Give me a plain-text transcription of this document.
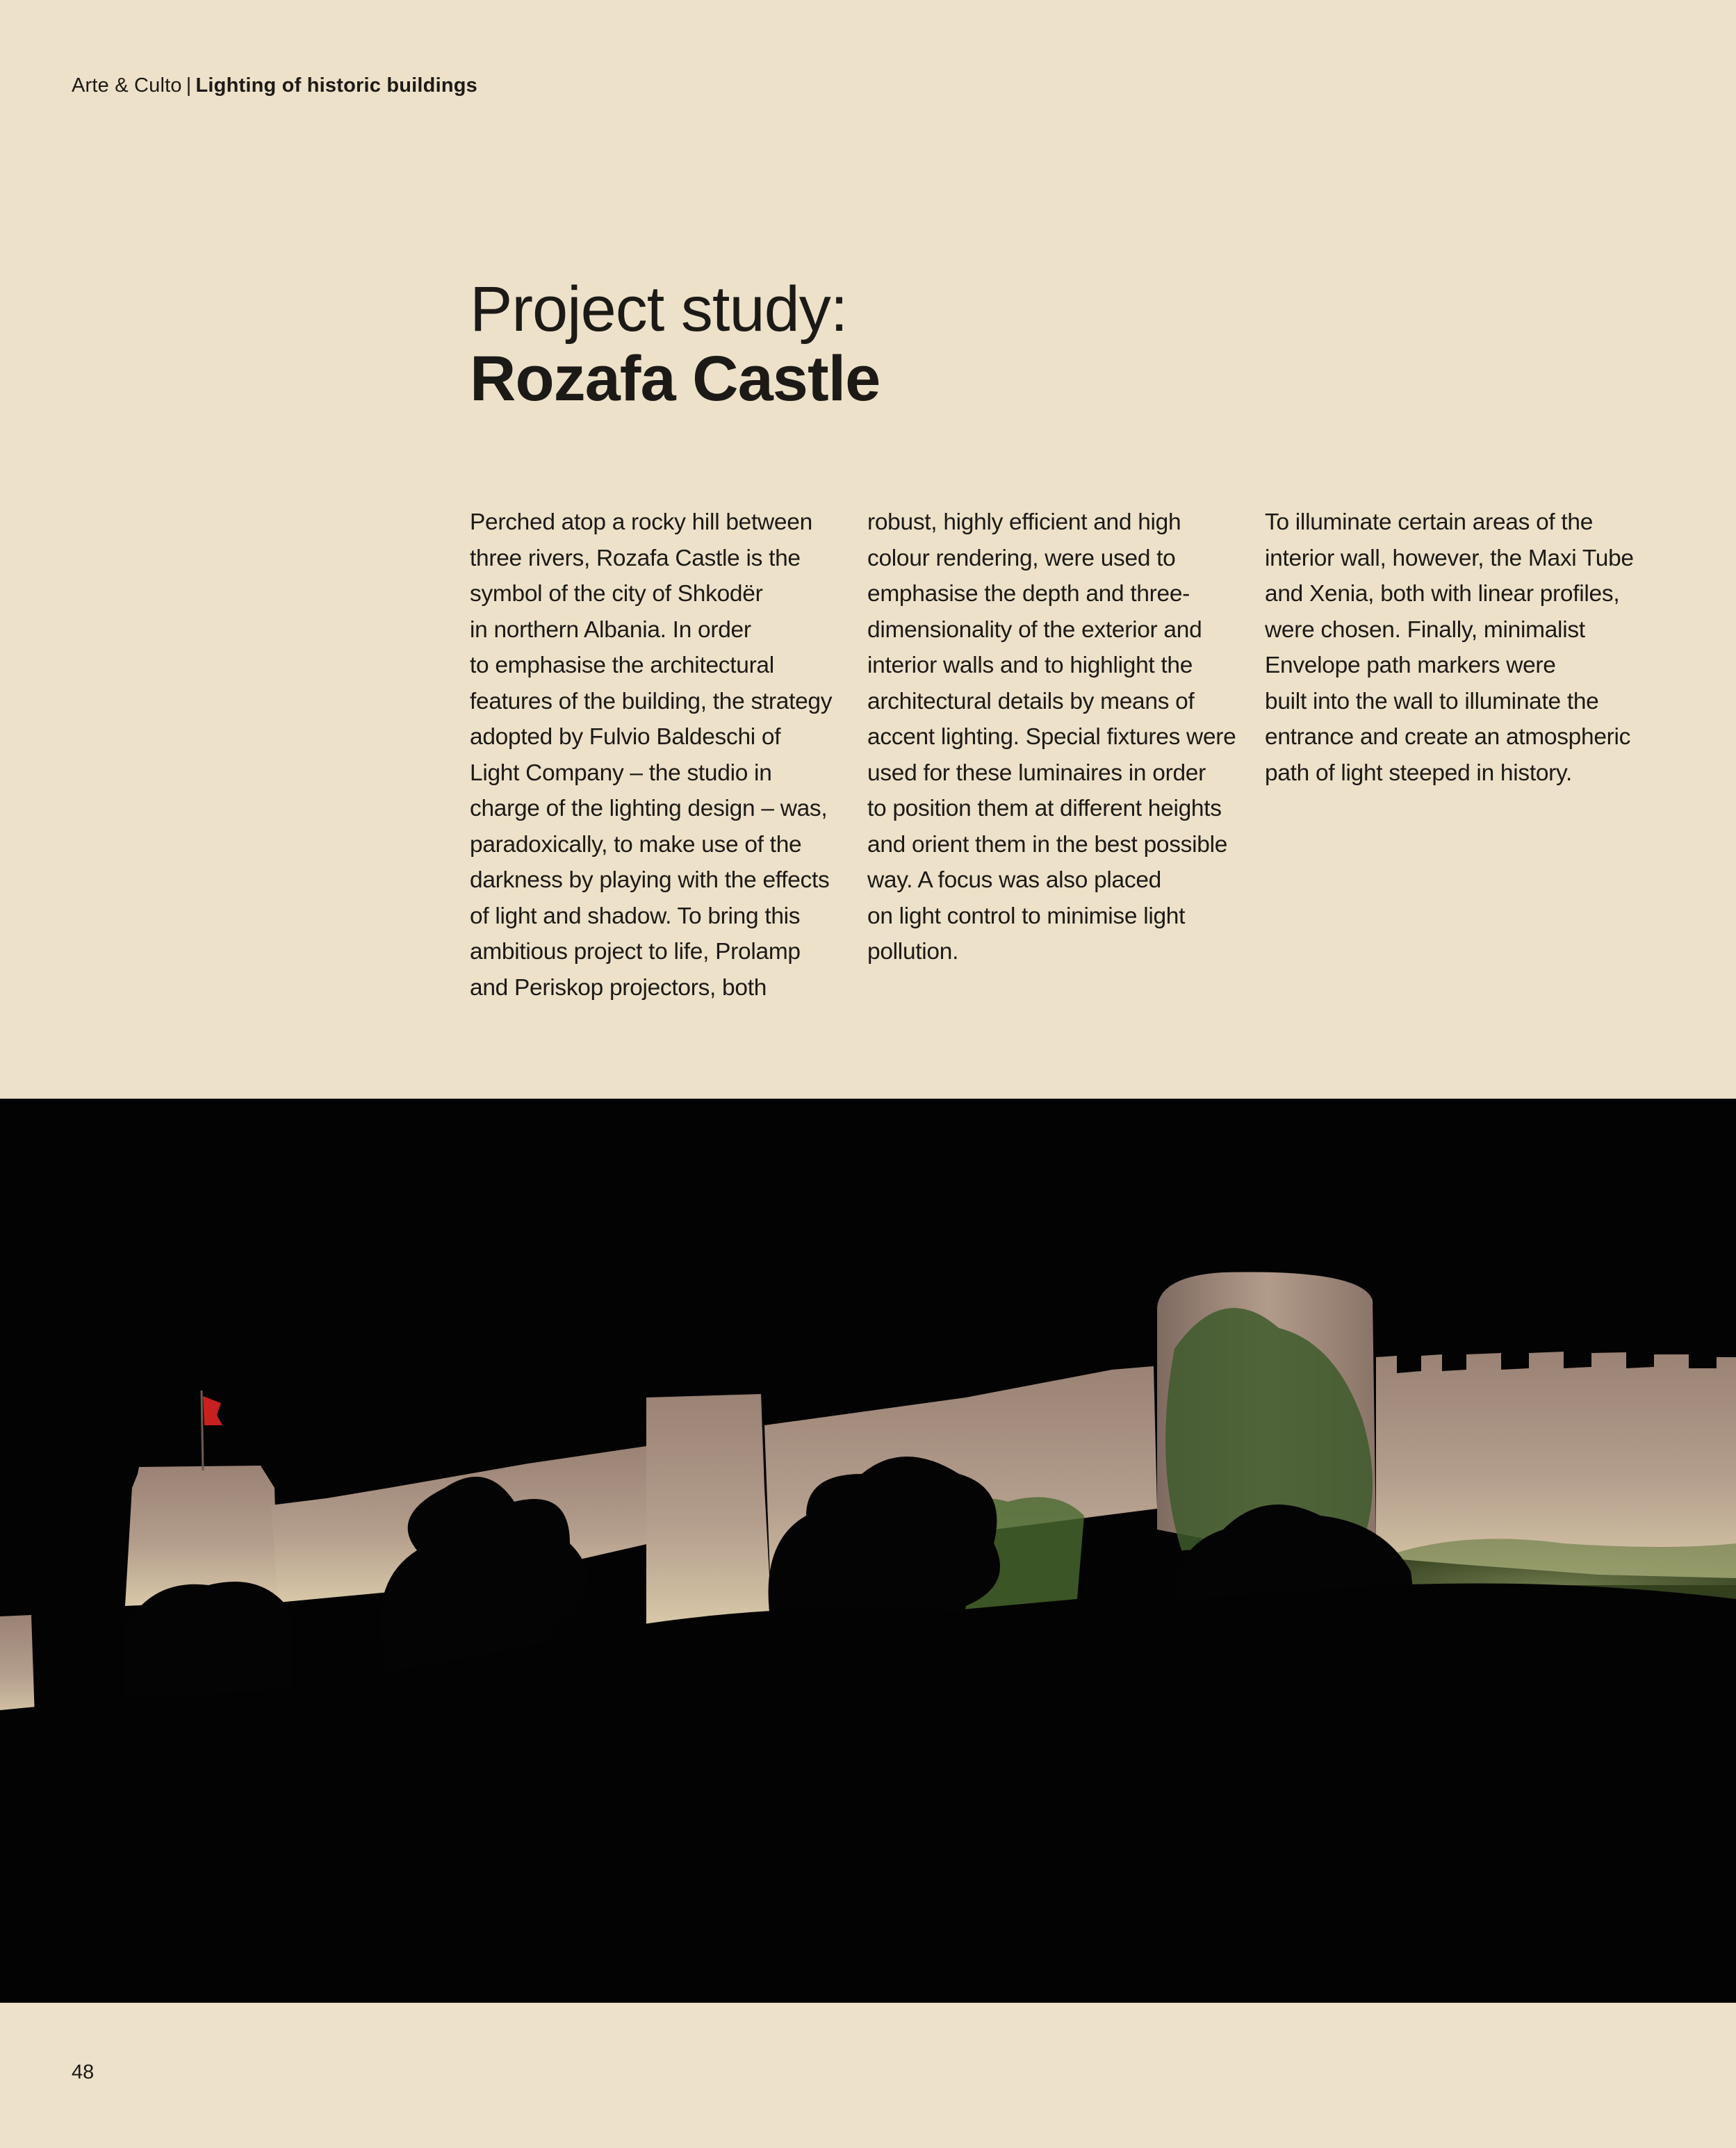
Arte & Culto | Lighting of historic buildings
Project study:
Rozafa Castle

Perched atop a rocky hill between
three rivers, Rozafa Castle is the
symbol of the city of Shkodër
in northern Albania. In order
to emphasise the architectural
features of the building, the strategy
adopted by Fulvio Baldeschi of
Light Company – the studio in
charge of the lighting design – was,
paradoxically, to make use of the
darkness by playing with the effects
of light and shadow. To bring this
ambitious project to life, Prolamp
and Periskop projectors, both

robust, highly efficient and high
colour rendering, were used to
emphasise the depth and three-
dimensionality of the exterior and
interior walls and to highlight the
architectural details by means of
accent lighting. Special fixtures were
used for these luminaires in order
to position them at different heights
and orient them in the best possible
way. A focus was also placed
on light control to minimise light
pollution.

To illuminate certain areas of the
interior wall, however, the Maxi Tube
and Xenia, both with linear profiles,
were chosen. Finally, minimalist
Envelope path markers were
built into the wall to illuminate the
entrance and create an atmospheric
path of light steeped in history.

48
